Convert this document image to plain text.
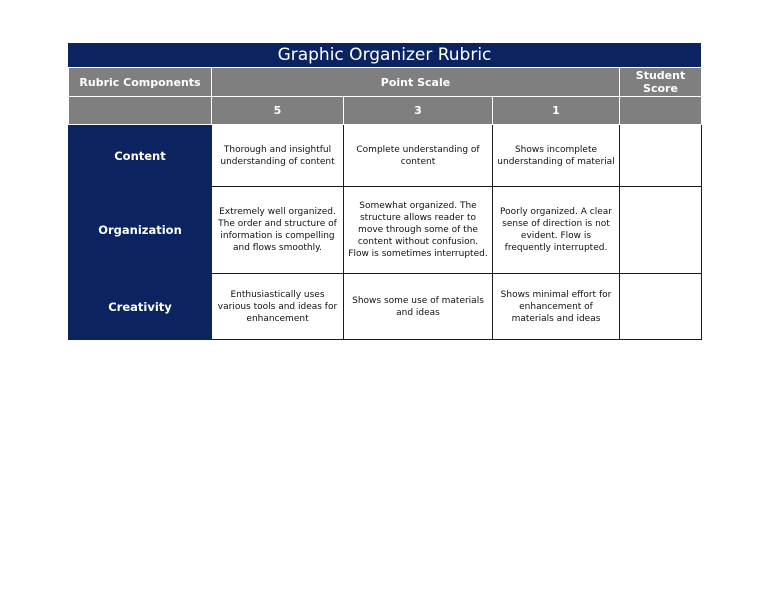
Graphic Organizer Rubric
Rubric Components	Point Scale			Student Score
	5	3	1	
Content	Thorough and insightful understanding of content	Complete understanding of content	Shows incomplete understanding of material	
Organization	Extremely well organized. The order and structure of information is compelling and flows smoothly.	Somewhat organized. The structure allows reader to move through some of the content without confusion. Flow is sometimes interrupted.	Poorly organized. A clear sense of direction is not evident. Flow is frequently interrupted.	
Creativity	Enthusiastically uses various tools and ideas for enhancement	Shows some use of materials and ideas	Shows minimal effort for enhancement of materials and ideas	
